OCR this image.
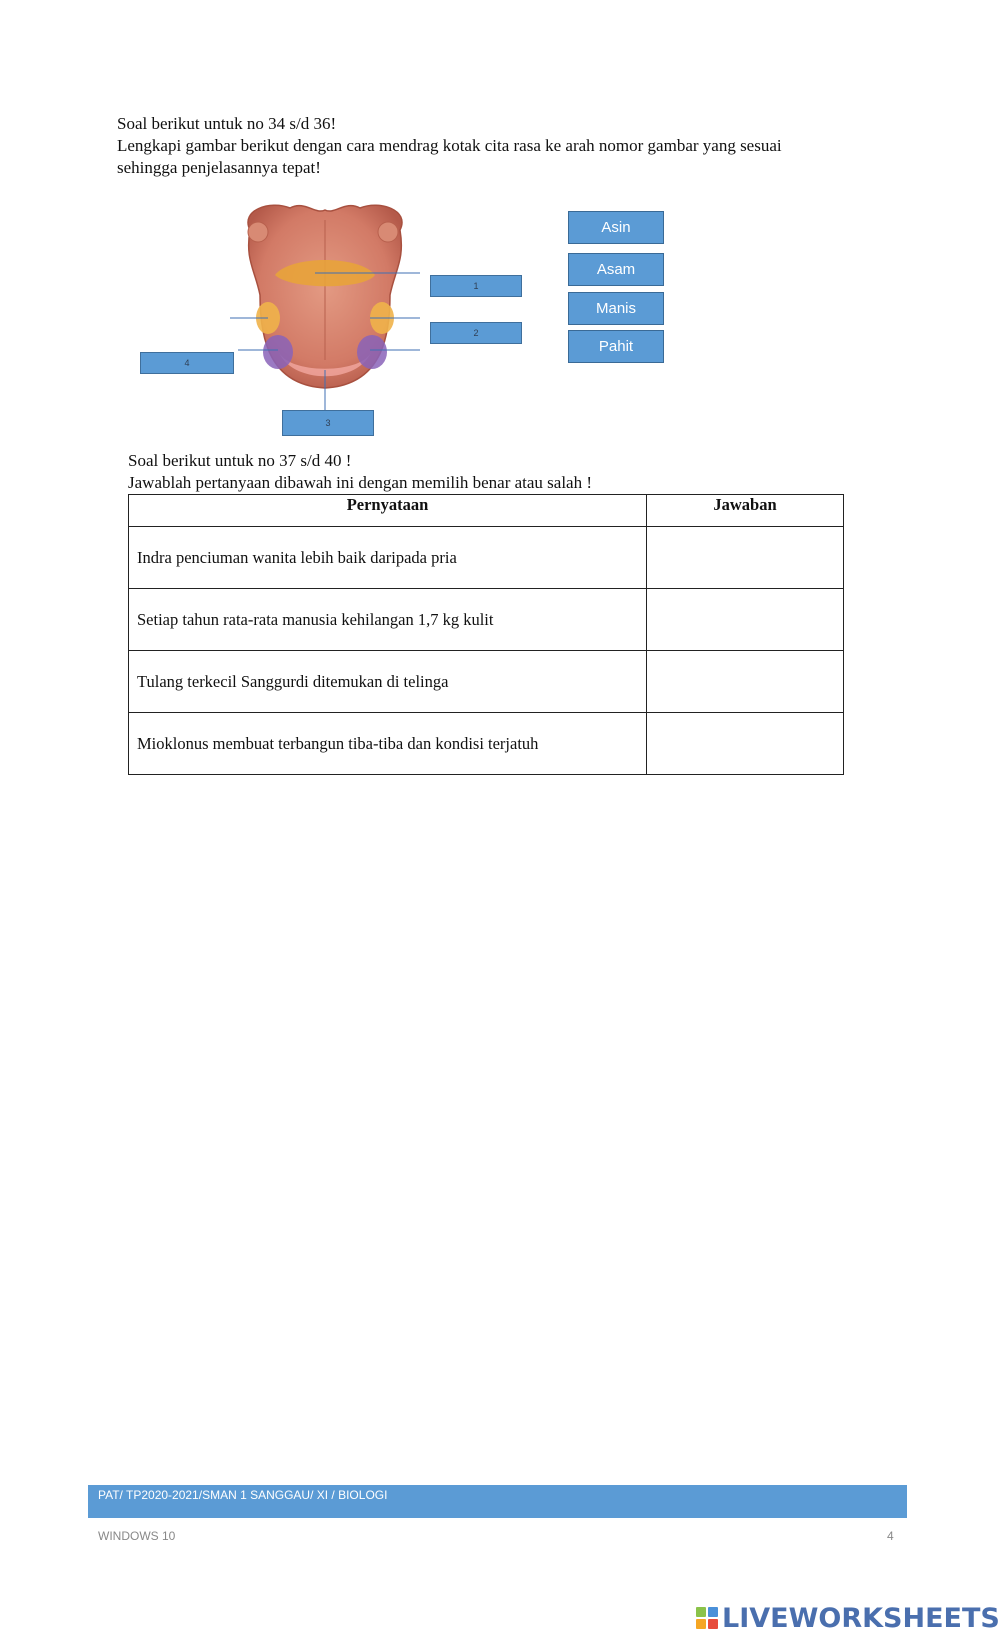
Soal berikut untuk no 34 s/d 36!
Lengkapi gambar berikut dengan cara mendrag kotak cita rasa ke arah nomor gambar yang sesuai
sehingga penjelasannya tepat!
1
2
3
4
Asin
Asam
Manis
Pahit
Soal berikut untuk no 37 s/d 40 !
Jawablah pertanyaan dibawah ini dengan memilih benar atau salah !
Pernyataan	Jawaban
Indra penciuman wanita lebih baik daripada pria	
Setiap tahun rata-rata manusia kehilangan 1,7 kg kulit	
Tulang terkecil Sanggurdi ditemukan di telinga	
Mioklonus membuat terbangun tiba-tiba dan kondisi terjatuh	
PAT/ TP2020-2021/SMAN 1 SANGGAU/ XI / BIOLOGI
WINDOWS 10	4
LIVEWORKSHEETS
